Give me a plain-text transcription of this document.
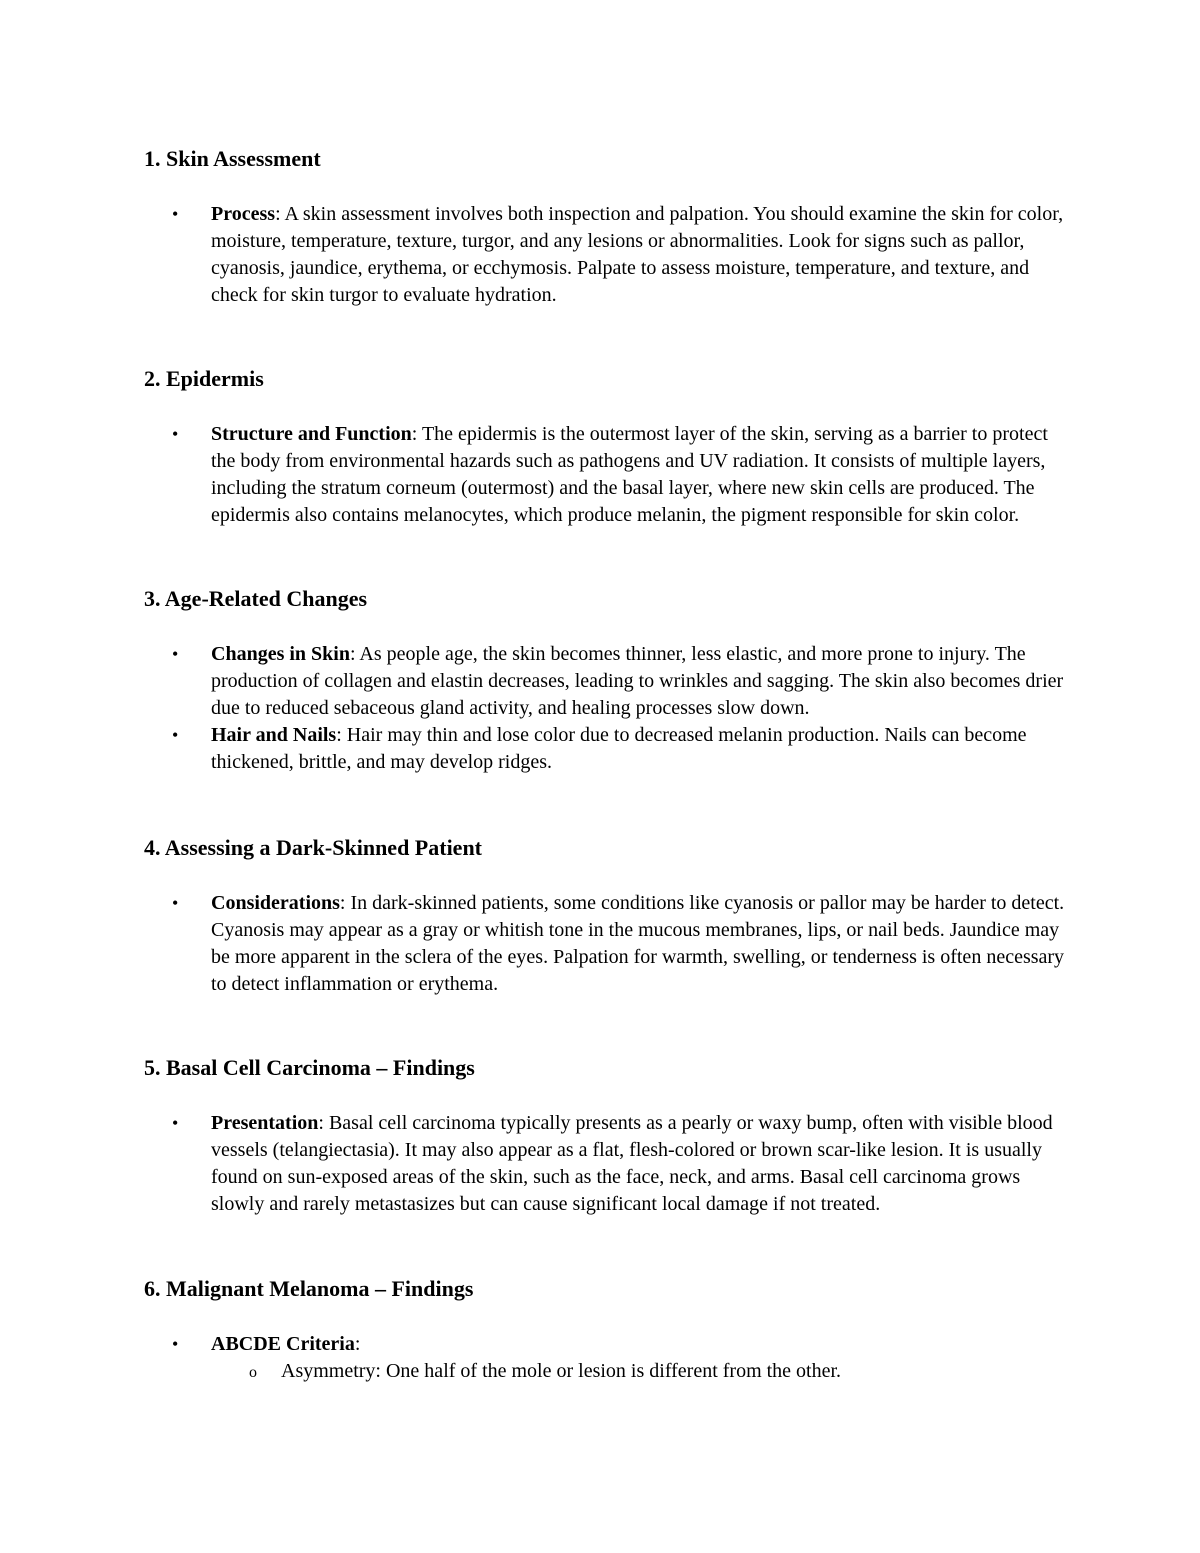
1. Skin Assessment
• Process: A skin assessment involves both inspection and palpation. You should examine the skin for color, moisture, temperature, texture, turgor, and any lesions or abnormalities. Look for signs such as pallor, cyanosis, jaundice, erythema, or ecchymosis. Palpate to assess moisture, temperature, and texture, and check for skin turgor to evaluate hydration.
2. Epidermis
• Structure and Function: The epidermis is the outermost layer of the skin, serving as a barrier to protect the body from environmental hazards such as pathogens and UV radiation. It consists of multiple layers, including the stratum corneum (outermost) and the basal layer, where new skin cells are produced. The epidermis also contains melanocytes, which produce melanin, the pigment responsible for skin color.
3. Age-Related Changes
• Changes in Skin: As people age, the skin becomes thinner, less elastic, and more prone to injury. The production of collagen and elastin decreases, leading to wrinkles and sagging. The skin also becomes drier due to reduced sebaceous gland activity, and healing processes slow down.
• Hair and Nails: Hair may thin and lose color due to decreased melanin production. Nails can become thickened, brittle, and may develop ridges.
4. Assessing a Dark-Skinned Patient
• Considerations: In dark-skinned patients, some conditions like cyanosis or pallor may be harder to detect. Cyanosis may appear as a gray or whitish tone in the mucous membranes, lips, or nail beds. Jaundice may be more apparent in the sclera of the eyes. Palpation for warmth, swelling, or tenderness is often necessary to detect inflammation or erythema.
5. Basal Cell Carcinoma – Findings
• Presentation: Basal cell carcinoma typically presents as a pearly or waxy bump, often with visible blood vessels (telangiectasia). It may also appear as a flat, flesh-colored or brown scar-like lesion. It is usually found on sun-exposed areas of the skin, such as the face, neck, and arms. Basal cell carcinoma grows slowly and rarely metastasizes but can cause significant local damage if not treated.
6. Malignant Melanoma – Findings
• ABCDE Criteria:
o Asymmetry: One half of the mole or lesion is different from the other.
